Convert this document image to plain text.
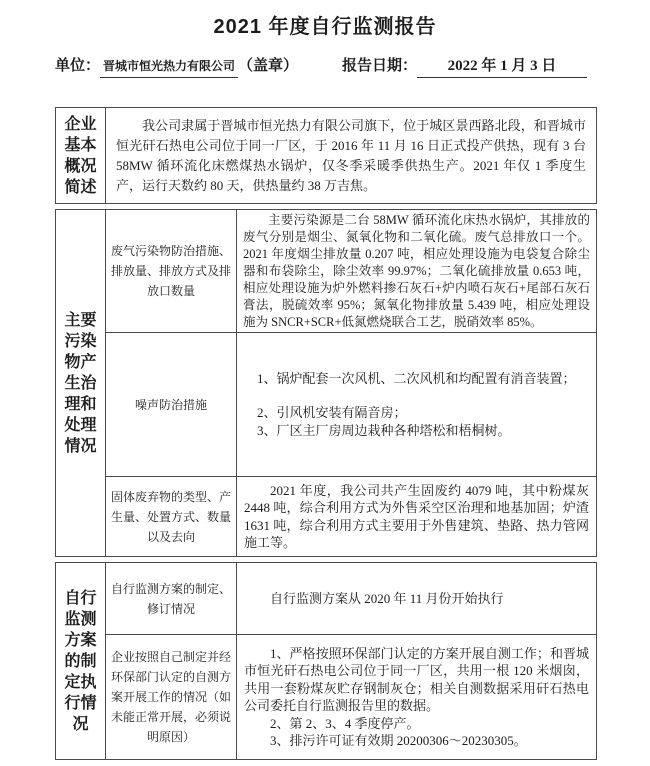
2021 年度自行监测报告
单位： 晋城市恒光热力有限公司 （盖章）	报告日期：	2022 年 1 月 3 日
企业基本概况简述

我公司隶属于晋城市恒光热力有限公司旗下，位于城区景西路北段，和晋城市恒光矸石热电公司位于同一厂区，于 2016 年 11 月 16 日正式投产供热，现有 3 台 58MW 循环流化床燃煤热水锅炉，仅冬季采暖季供热生产。2021 年仅 1 季度生产，运行天数约 80 天，供热量约 38 万吉焦。

主要污染物产生治理和处理情况
废气污染物防治措施、排放量、排放方式及排放口数量

主要污染源是二台 58MW 循环流化床热水锅炉，其排放的废气分别是烟尘、氮氧化物和二氧化硫。废气总排放口一个。2021 年度烟尘排放量 0.207 吨，相应处理设施为电袋复合除尘器和布袋除尘，除尘效率 99.97%；二氧化硫排放量 0.653 吨，相应处理设施为炉外燃料掺石灰石+炉内喷石灰石+尾部石灰石膏法，脱硫效率 95%；氮氧化物排放量 5.439 吨，相应处理设施为 SNCR+SCR+低氮燃烧联合工艺，脱硝效率 85%。

噪声防治措施

1、锅炉配套一次风机、二次风机和均配置有消音装置；

2、引风机安装有隔音房；

3、厂区主厂房周边栽种各种塔松和梧桐树。

固体废弃物的类型、产生量、处置方式、数量以及去向

2021 年度，我公司共产生固废约 4079 吨，其中粉煤灰 2448 吨，综合利用方式为外售采空区治理和地基加固；炉渣 1631 吨，综合利用方式主要用于外售建筑、垫路、热力管网施工等。

自行监测方案的制定执行情况
自行监测方案的制定、修订情况

自行监测方案从 2020 年 11 月份开始执行

企业按照自己制定并经环保部门认定的自测方案开展工作的情况（如未能正常开展，必须说明原因）

1、严格按照环保部门认定的方案开展自测工作；和晋城市恒光矸石热电公司位于同一厂区，共用一根 120 米烟囱，共用一套粉煤灰贮存钢制灰仓；相关自测数据采用矸石热电公司委托自行监测报告里的数据。

2、第 2、3、4 季度停产。

3、排污许可证有效期 20200306～20230305。
